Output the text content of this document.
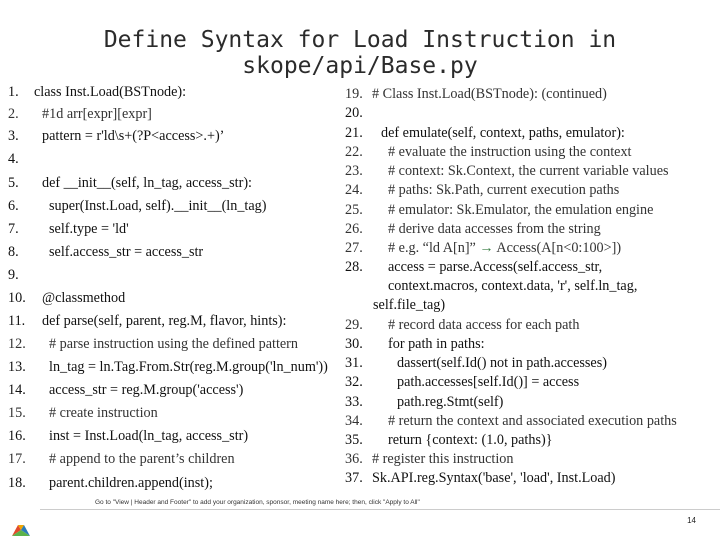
Define Syntax for Load Instruction in skope/api/Base.py
1. class Inst.Load(BSTnode):
2. #1d arr[expr][expr]
3. pattern = r'ld\s+(?P<access>.+)’
4.
5. def __init__(self, ln_tag, access_str):
6. super(Inst.Load, self).__init__(ln_tag)
7. self.type = 'ld'
8. self.access_str = access_str
9.
10. @classmethod
11. def parse(self, parent, reg.M, flavor, hints):
12. # parse instruction using the defined pattern
13. ln_tag = ln.Tag.From.Str(reg.M.group('ln_num'))
14. access_str = reg.M.group('access')
15. # create instruction
16. inst = Inst.Load(ln_tag, access_str)
17. # append to the parent’s children
18. parent.children.append(inst);
19. # Class Inst.Load(BSTnode): (continued)
20.
21. def emulate(self, context, paths, emulator):
22. # evaluate the instruction using the context
23. # context: Sk.Context, the current variable values
24. # paths: Sk.Path, current execution paths
25. # emulator: Sk.Emulator, the emulation engine
26. # derive data accesses from the string
27. # e.g. “ld A[n]” → Access(A[n<0:100>])
28. access = parse.Access(self.access_str,
context.macros, context.data, 'r', self.ln_tag,
self.file_tag)
29. # record data access for each path
30. for path in paths:
31. dassert(self.Id() not in path.accesses)
32. path.accesses[self.Id()] = access
33. path.reg.Stmt(self)
34. # return the context and associated execution paths
35. return {context: (1.0, paths)}
36. # register this instruction
37. Sk.API.reg.Syntax('base', 'load', Inst.Load)
Go to "View | Header and Footer" to add your organization, sponsor, meeting name here; then, click "Apply to All"
14
